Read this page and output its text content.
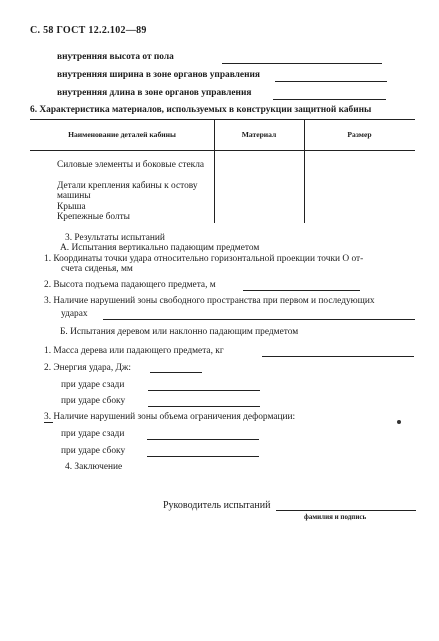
С. 58 ГОСТ 12.2.102—89
внутренняя высота от пола
внутренняя ширина в зоне органов управления
внутренняя длина в зоне органов управления
6. Характеристика материалов, используемых в конструкции защитной кабины
Наименование деталей кабины	Материал	Размер
Силовые элементы и боковые стекла
Детали крепления кабины к остову машины
Крыша
Крепежные болты
3. Результаты испытаний
А. Испытания вертикально падающим предметом
1. Координаты точки удара относительно горизонтальной проекции точки О от-
счета сиденья, мм
2. Высота подъема падающего предмета, м
3. Наличие нарушений зоны свободного пространства при первом и последующих
ударах
Б. Испытания деревом или наклонно падающим предметом
1. Масса дерева или падающего предмета, кг
2. Энергия удара, Дж:
при ударе сзади
при ударе сбоку
3. Наличие нарушений зоны объема ограничения деформации:
при ударе сзади
при ударе сбоку
4. Заключение
Руководитель испытаний
фамилия и подпись
